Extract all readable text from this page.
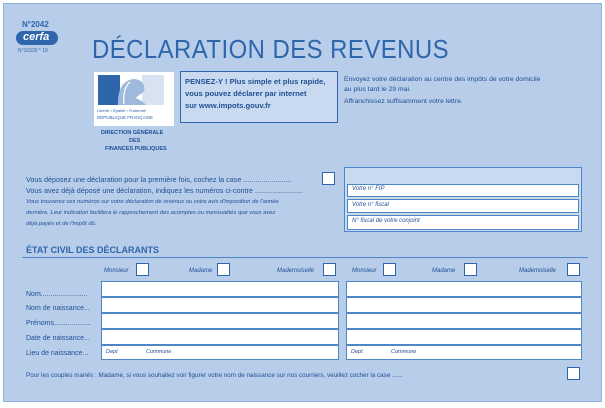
N°2042
cerfa
N°10330 * 19 DÉCLARATION DES REVENUS
Liberté • Égalité • Fraternité
RÉPUBLIQUE FRANÇAISE
DIRECTION GÉNÉRALE
DES
FINANCES PUBLIQUES
PENSEZ-Y ! Plus simple et plus rapide,
vous pouvez déclarer par internet
sur www.impots.gouv.fr
Envoyez votre déclaration au centre des impôts de votre domicile
au plus tard le 29 mai.
Affranchissez suffisamment votre lettre.
Vous déposez une déclaration pour la première fois, cochez la case ........................
Vous avez déjà déposé une déclaration, indiquez les numéros ci-contre ........................
Vous trouverez ces numéros sur votre déclaration de revenus ou votre avis d'imposition de l'année
dernière. Leur indication facilitera le rapprochement des acomptes ou mensualités que vous avez
déjà payés et de l'impôt dû.
Votre n° FIP
Votre n° fiscal
N° fiscal de votre conjoint
ÉTAT CIVIL DES DÉCLARANTS
Monsieur	Madame	Mademoiselle	Monsieur	Madame	Mademoiselle
Nom........................
Nom de naissance...
Prénoms...................
Date de naissance...
Lieu de naissance...	Dept	Commune	Dept	Commune
Pour les couples mariés : Madame, si vous souhaitez voir figurer votre nom de naissance sur nos courriers, veuillez cocher la case ......
